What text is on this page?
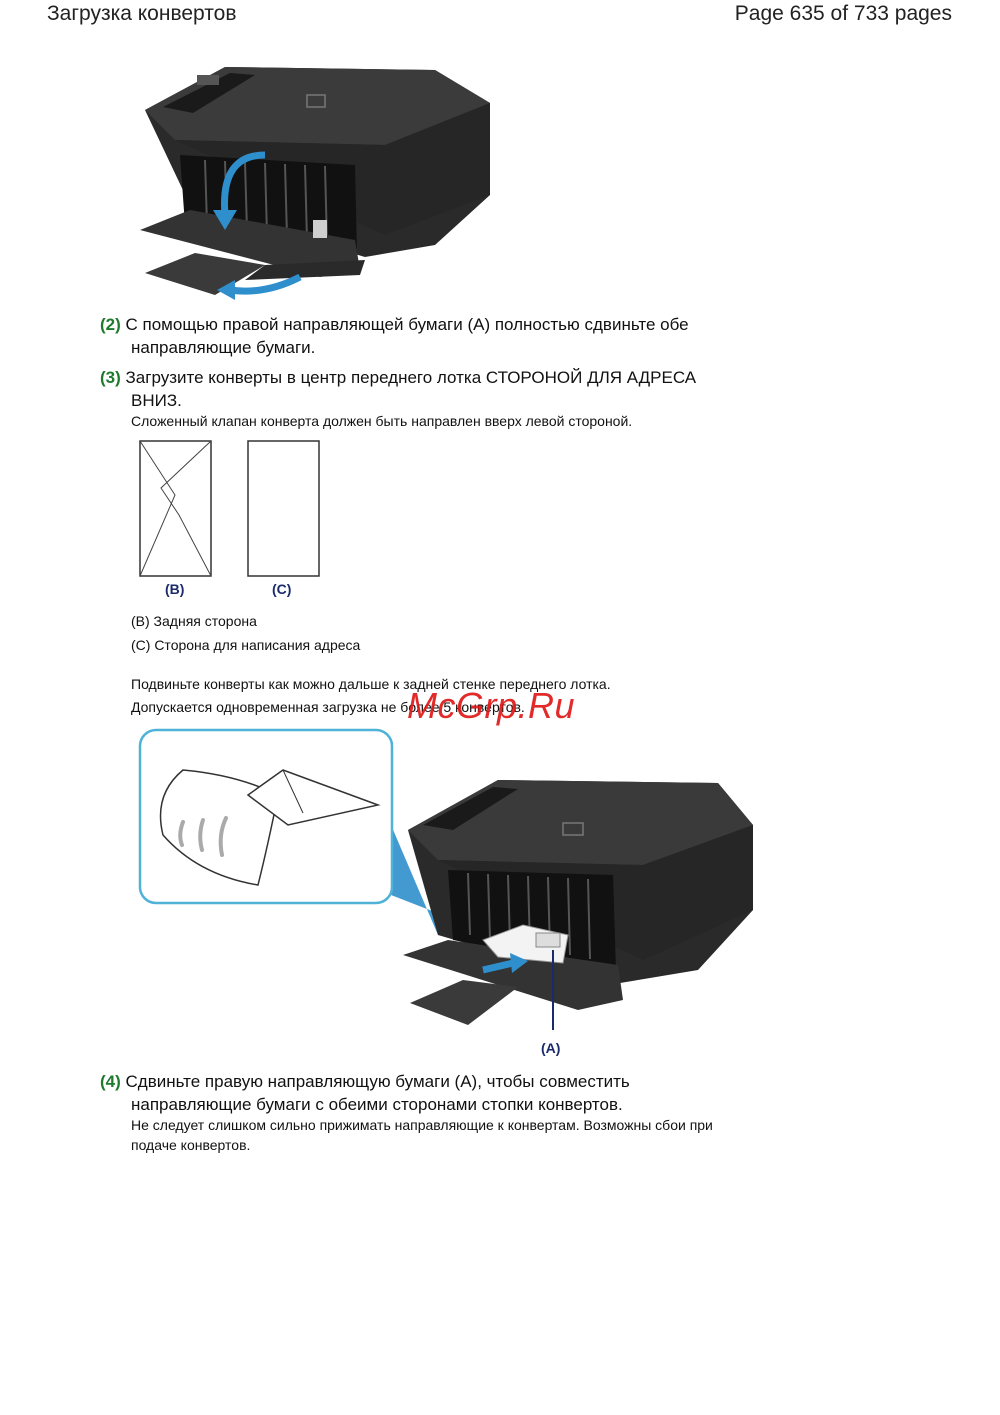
Загрузка конвертов	Page 635 of 733 pages
(2) С помощью правой направляющей бумаги (A) полностью сдвиньте обе
направляющие бумаги.
(3) Загрузите конверты в центр переднего лотка СТОРОНОЙ ДЛЯ АДРЕСА
ВНИЗ.
Сложенный клапан конверта должен быть направлен вверх левой стороной.
(B)	(C)
(B) Задняя сторона
(C) Сторона для написания адреса
Подвиньте конверты как можно дальше к задней стенке переднего лотка.
Допускается одновременная загрузка не более 5 конвертов.
McGrp.Ru
(A)
(4) Сдвиньте правую направляющую бумаги (A), чтобы совместить
направляющие бумаги с обеими сторонами стопки конвертов.
Не следует слишком сильно прижимать направляющие к конвертам. Возможны сбои при
подаче конвертов.
